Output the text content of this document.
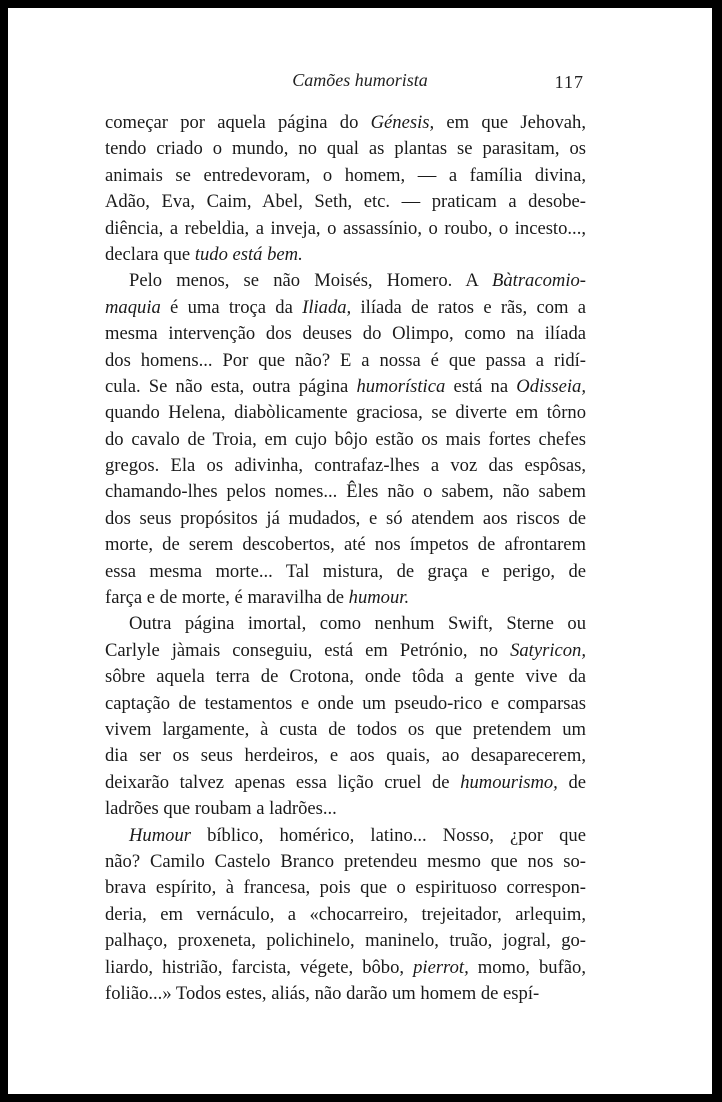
Camões humorista	117
começar por aquela página do Génesis, em que Jehovah,
tendo criado o mundo, no qual as plantas se parasitam, os
animais se entredevoram, o homem, — a família divina,
Adão, Eva, Caim, Abel, Seth, etc. — praticam a desobe-
diência, a rebeldia, a inveja, o assassínio, o roubo, o incesto...,
declara que tudo está bem.
Pelo menos, se não Moisés, Homero. A Bàtracomio-
maquia é uma troça da Iliada, ilíada de ratos e rãs, com a
mesma intervenção dos deuses do Olimpo, como na ilíada
dos homens... Por que não? E a nossa é que passa a ridí-
cula. Se não esta, outra página humorística está na Odisseia,
quando Helena, diabòlicamente graciosa, se diverte em tôrno
do cavalo de Troia, em cujo bôjo estão os mais fortes chefes
gregos. Ela os adivinha, contrafaz-lhes a voz das espôsas,
chamando-lhes pelos nomes... Êles não o sabem, não sabem
dos seus propósitos já mudados, e só atendem aos riscos de
morte, de serem descobertos, até nos ímpetos de afrontarem
essa mesma morte... Tal mistura, de graça e perigo, de
farça e de morte, é maravilha de humour.
Outra página imortal, como nenhum Swift, Sterne ou
Carlyle jàmais conseguiu, está em Petrónio, no Satyricon,
sôbre aquela terra de Crotona, onde tôda a gente vive da
captação de testamentos e onde um pseudo-rico e comparsas
vivem largamente, à custa de todos os que pretendem um
dia ser os seus herdeiros, e aos quais, ao desaparecerem,
deixarão talvez apenas essa lição cruel de humourismo, de
ladrões que roubam a ladrões...
Humour bíblico, homérico, latino... Nosso, ¿por que
não? Camilo Castelo Branco pretendeu mesmo que nos so-
brava espírito, à francesa, pois que o espirituoso correspon-
deria, em vernáculo, a «chocarreiro, trejeitador, arlequim,
palhaço, proxeneta, polichinelo, maninelo, truão, jogral, go-
liardo, histrião, farcista, végete, bôbo, pierrot, momo, bufão,
folião...» Todos estes, aliás, não darão um homem de espí-
